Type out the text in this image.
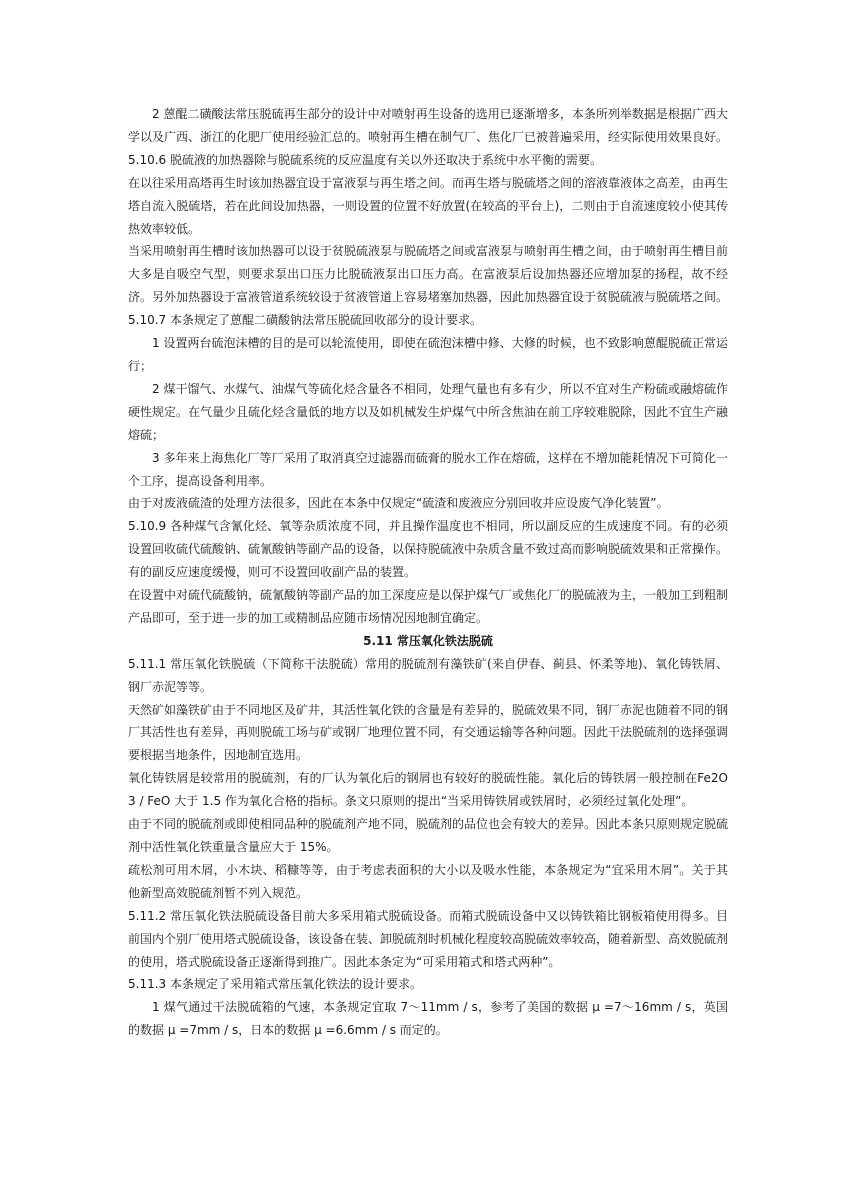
2 蒽醌二磺酸法常压脱硫再生部分的设计中对喷射再生设备的选用已逐渐增多，本条所列举数据是根据广西大学以及广西、浙江的化肥厂使用经验汇总的。喷射再生槽在制气厂、焦化厂已被普遍采用，经实际使用效果良好。

5.10.6 脱硫液的加热器除与脱硫系统的反应温度有关以外还取决于系统中水平衡的需要。

在以往采用高塔再生时该加热器宜设于富液泵与再生塔之间。而再生塔与脱硫塔之间的溶液靠液体之高差，由再生塔自流入脱硫塔，若在此间设加热器，一则设置的位置不好放置(在较高的平台上)，二则由于自流速度较小使其传热效率较低。

当采用喷射再生槽时该加热器可以设于贫脱硫液泵与脱硫塔之间或富液泵与喷射再生槽之间，由于喷射再生槽目前大多是自吸空气型，则要求泵出口压力比脱硫液泵出口压力高。在富液泵后设加热器还应增加泵的扬程，故不经济。另外加热器设于富液管道系统较设于贫液管道上容易堵塞加热器，因此加热器宜设于贫脱硫液与脱硫塔之间。

5.10.7 本条规定了蒽醌二磺酸钠法常压脱硫回收部分的设计要求。

1 设置两台硫泡沫槽的目的是可以轮流使用，即使在硫泡沫槽中修、大修的时候，也不致影响蒽醌脱硫正常运行；

2 煤干馏气、水煤气、油煤气等硫化烃含量各不相同，处理气量也有多有少，所以不宜对生产粉硫或融熔硫作硬性规定。在气量少且硫化烃含量低的地方以及如机械发生炉煤气中所含焦油在前工序较难脱除，因此不宜生产融熔硫；

3 多年来上海焦化厂等厂采用了取消真空过滤器而硫膏的脱水工作在熔硫，这样在不增加能耗情况下可简化一个工序，提高设备利用率。

由于对废液硫渣的处理方法很多，因此在本条中仅规定“硫渣和废液应分别回收并应设废气净化装置”。

5.10.9 各种煤气含氰化烃、氧等杂质浓度不同，并且操作温度也不相同，所以副反应的生成速度不同。有的必须设置回收硫代硫酸钠、硫氰酸钠等副产品的设备，以保持脱硫液中杂质含量不致过高而影响脱硫效果和正常操作。有的副反应速度缓慢，则可不设置回收副产品的装置。

在设置中对硫代硫酸钠，硫氰酸钠等副产品的加工深度应是以保护煤气厂或焦化厂的脱硫液为主，一般加工到粗制产品即可，至于进一步的加工或精制品应随市场情况因地制宜确定。

5.11 常压氧化铁法脱硫

5.11.1 常压氧化铁脱硫（下简称干法脱硫）常用的脱硫剂有藻铁矿(来自伊春、蓟县、怀柔等地)、氧化铸铁屑、钢厂赤泥等等。

天然矿如藻铁矿由于不同地区及矿井，其活性氧化铁的含量是有差异的，脱硫效果不同，钢厂赤泥也随着不同的钢厂其活性也有差异，再则脱硫工场与矿或钢厂地理位置不同，有交通运输等各种问题。因此干法脱硫剂的选择强调要根据当地条件，因地制宜选用。

氧化铸铁屑是较常用的脱硫剂，有的厂认为氧化后的钢屑也有较好的脱硫性能。氧化后的铸铁屑一般控制在Fe2O3 / FeO 大于 1.5 作为氧化合格的指标。条文只原则的提出“当采用铸铁屑或铁屑时，必须经过氧化处理”。

由于不同的脱硫剂或即使相同品种的脱硫剂产地不同，脱硫剂的品位也会有较大的差异。因此本条只原则规定脱硫剂中活性氧化铁重量含量应大于 15%。

疏松剂可用木屑，小木块、稻糠等等，由于考虑表面积的大小以及吸水性能，本条规定为“宜采用木屑”。关于其他新型高效脱硫剂暂不列入规范。

5.11.2 常压氧化铁法脱硫设备目前大多采用箱式脱硫设备。而箱式脱硫设备中又以铸铁箱比钢板箱使用得多。目前国内个别厂使用塔式脱硫设备，该设备在装、卸脱硫剂时机械化程度较高脱硫效率较高，随着新型、高效脱硫剂的使用，塔式脱硫设备正逐渐得到推广。因此本条定为“可采用箱式和塔式两种”。

5.11.3 本条规定了采用箱式常压氧化铁法的设计要求。

1 煤气通过干法脱硫箱的气速，本条规定宜取 7～11mm / s，参考了美国的数据 μ =7～16mm / s，英国的数据 μ =7mm / s，日本的数据 μ =6.6mm / s 而定的。
